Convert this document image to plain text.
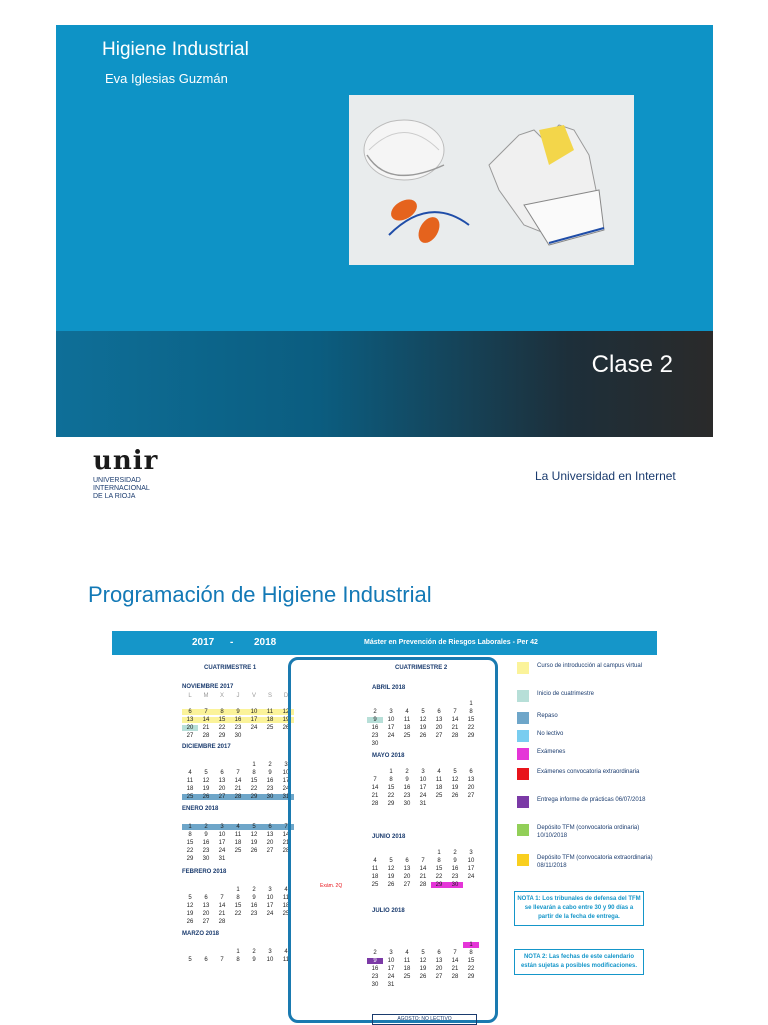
Higiene Industrial
Eva Iglesias Guzmán
Clase 2
unir
UNIVERSIDAD
INTERNACIONAL
DE LA RIOJA
La Universidad en Internet
Programación de Higiene Industrial
2017 - 2018	Máster en Prevención de Riesgos Laborales - Per 42
CUATRIMESTRE 1	CUATRIMESTRE 2
NOVIEMBRE 2017
L M X J V S D
6 7 8 9 10 11 12
13 14 15 16 17 18 19
20 21 22 23 24 25 26
27 28 29 30
DICIEMBRE 2017
1 2 3
4 5 6 7 8 9 10
11 12 13 14 15 16 17
18 19 20 21 22 23 24
25 26 27 28 29 30 31
ENERO 2018
1 2 3 4 5 6 7
8 9 10 11 12 13 14
15 16 17 18 19 20 21
22 23 24 25 26 27 28
29 30 31
FEBRERO 2018
1 2 3 4
5 6 7 8 9 10 11
12 13 14 15 16 17 18
19 20 21 22 23 24 25
26 27 28
MARZO 2018
1 2 3 4
5 6 7 8 9 10 11
ABRIL 2018
1
2 3 4 5 6 7 8
9 10 11 12 13 14 15
16 17 18 19 20 21 22
23 24 25 26 27 28 29
30
MAYO 2018
1 2 3 4 5 6
7 8 9 10 11 12 13
14 15 16 17 18 19 20
21 22 23 24 25 26 27
28 29 30 31
JUNIO 2018
1 2 3
4 5 6 7 8 9 10
11 12 13 14 15 16 17
18 19 20 21 22 23 24
25 26 27 28 29 30
Exám. 2Q
JULIO 2018
1
2 3 4 5 6 7 8
9 10 11 12 13 14 15
16 17 18 19 20 21 22
23 24 25 26 27 28 29
30 31
AGOSTO: NO LECTIVO
Curso de introducción al campus virtual
Inicio de cuatrimestre
Repaso
No lectivo
Exámenes
Exámenes convocatoria extraordinaria
Entrega informe de prácticas 06/07/2018
Depósito TFM (convocatoria ordinaria) 10/10/2018
Depósito TFM (convocatoria extraordinaria) 08/11/2018
NOTA 1: Los tribunales de defensa del TFM se llevarán a cabo entre 30 y 90 días a partir de la fecha de entrega.
NOTA 2: Las fechas de este calendario están sujetas a posibles modificaciones.
